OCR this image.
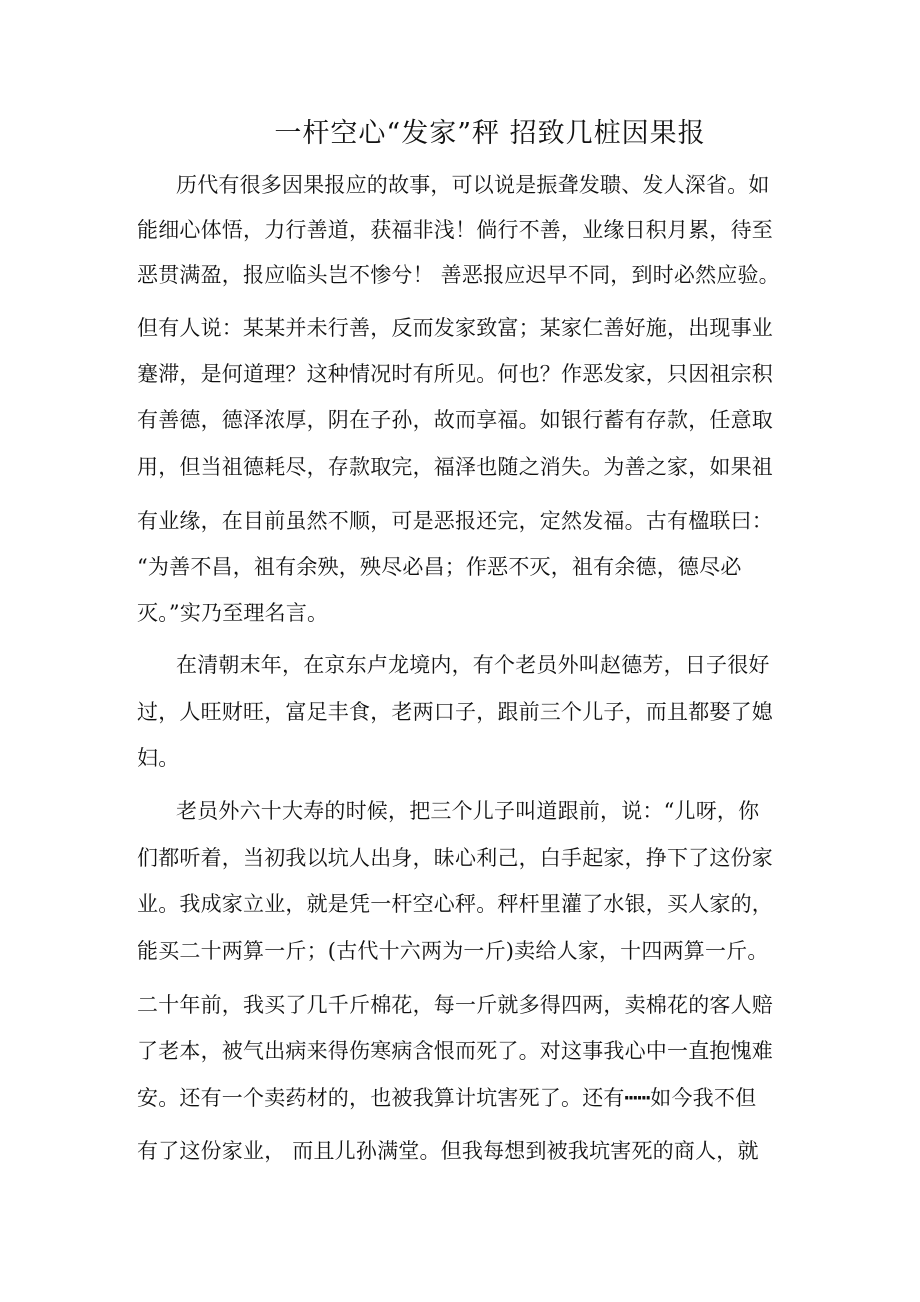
一杆空心“发家”秤 招致几桩因果报

历代有很多因果报应的故事，可以说是振聋发聩、发人深省。如

能细心体悟，力行善道，获福非浅！倘行不善，业缘日积月累，待至

恶贯满盈，报应临头岂不惨兮！ 善恶报应迟早不同，到时必然应验。

但有人说：某某并未行善，反而发家致富；某家仁善好施，出现事业

蹇滞，是何道理？这种情况时有所见。何也？作恶发家，只因祖宗积

有善德，德泽浓厚，阴在子孙，故而享福。如银行蓄有存款，任意取

用，但当祖德耗尽，存款取完，福泽也随之消失。为善之家，如果祖

有业缘，在目前虽然不顺，可是恶报还完，定然发福。古有楹联曰：

“为善不昌，祖有余殃，殃尽必昌；作恶不灭，祖有余德，德尽必

灭。”实乃至理名言。

在清朝末年，在京东卢龙境内，有个老员外叫赵德芳，日子很好

过，人旺财旺，富足丰食，老两口子，跟前三个儿子，而且都娶了媳

妇。

老员外六十大寿的时候，把三个儿子叫道跟前，说：“儿呀，你

们都听着，当初我以坑人出身，昧心利己，白手起家，挣下了这份家

业。我成家立业，就是凭一杆空心秤。秤杆里灌了水银，买人家的，

能买二十两算一斤；(古代十六两为一斤)卖给人家，十四两算一斤。

二十年前，我买了几千斤棉花，每一斤就多得四两，卖棉花的客人赔

了老本，被气出病来得伤寒病含恨而死了。对这事我心中一直抱愧难

安。还有一个卖药材的，也被我算计坑害死了。还有┅┅如今我不但

有了这份家业， 而且儿孙满堂。但我每想到被我坑害死的商人，就
